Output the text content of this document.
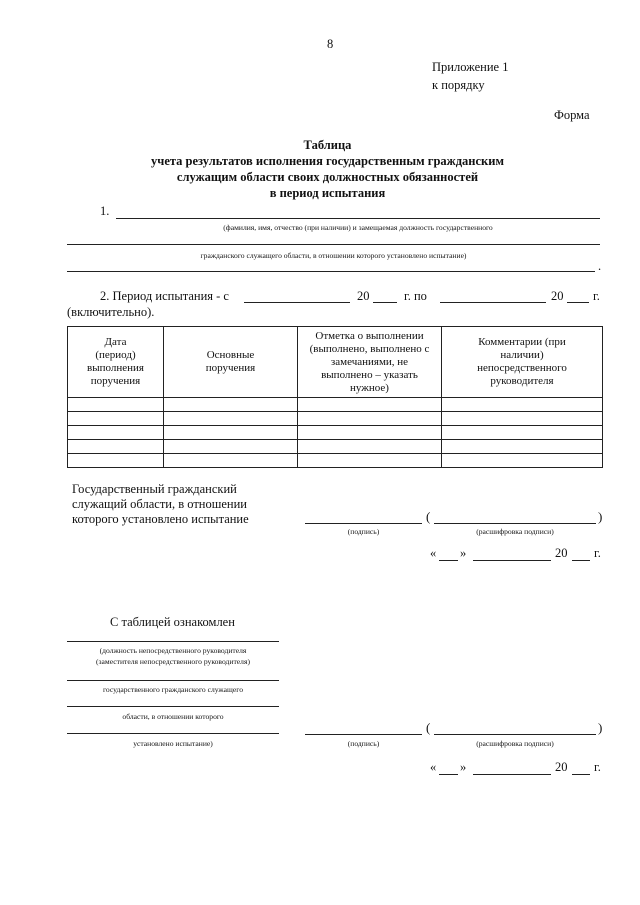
8
Приложение 1
к порядку
Форма
Таблица
учета результатов исполнения государственным гражданским
служащим области своих должностных обязанностей
в период испытания
1.
(фамилия, имя, отчество (при наличии) и замещаемая должность государственного
гражданского служащего области, в отношении которого установлено испытание)
.
2. Период испытания - с	20	г. по	20 г.
(включительно).
Дата (период) выполнения поручения	Основные поручения	Отметка о выполнении (выполнено, выполнено с замечаниями, не выполнено – указать нужное)	Комментарии (при наличии) непосредственного руководителя

Государственный гражданский
служащий области, в отношении
которого установлено испытание	(	)
(подпись)	(расшифровка подписи)
« »	20 г.
С таблицей ознакомлен
(должность непосредственного руководителя
(заместителя непосредственного руководителя)
государственного гражданского служащего
области, в отношении которого
установлено испытание)
(	)
(подпись)	(расшифровка подписи)
« »	20 г.
